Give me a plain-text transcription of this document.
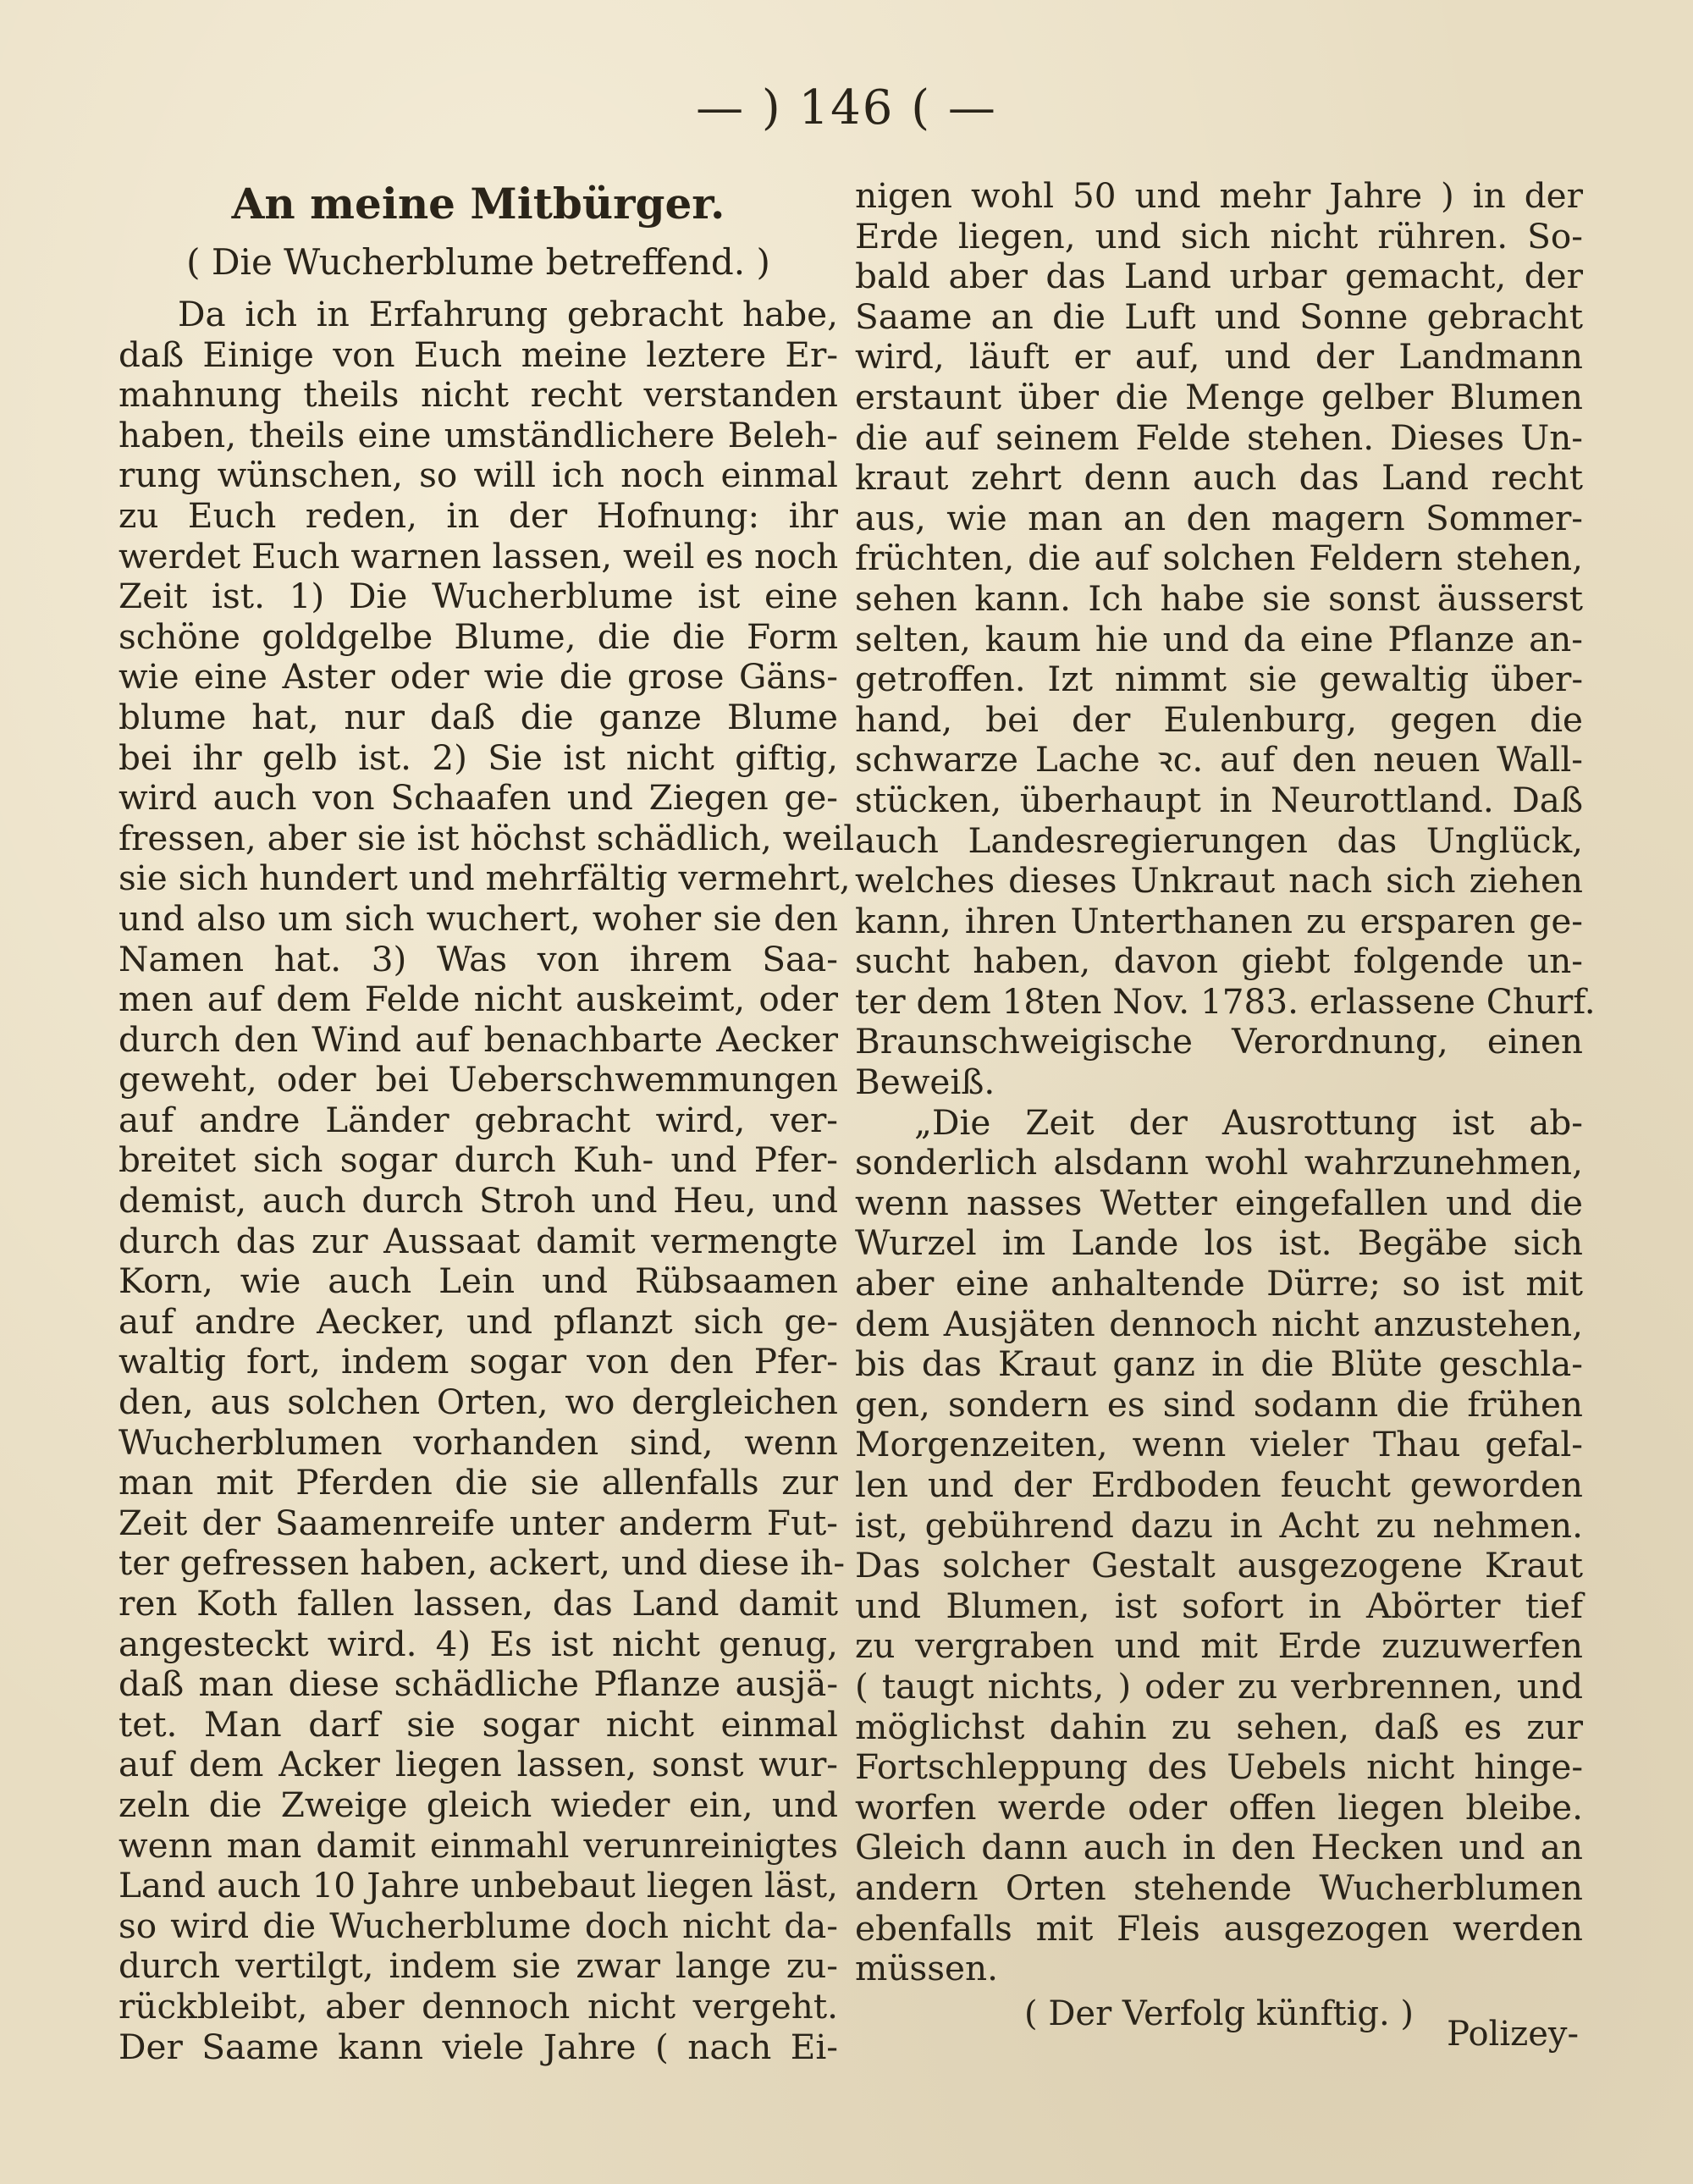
— ) 146 ( —
An meine Mitbürger.
( Die Wucherblume betreffend. )
Da ich in Erfahrung gebracht habe,
daß Einige von Euch meine leztere Er-
mahnung theils nicht recht verstanden
haben, theils eine umständlichere Beleh-
rung wünschen, so will ich noch einmal
zu Euch reden, in der Hofnung: ihr
werdet Euch warnen lassen, weil es noch
Zeit ist. 1) Die Wucherblume ist eine
schöne goldgelbe Blume, die die Form
wie eine Aster oder wie die grose Gäns-
blume hat, nur daß die ganze Blume
bei ihr gelb ist. 2) Sie ist nicht giftig,
wird auch von Schaafen und Ziegen ge-
fressen, aber sie ist höchst schädlich, weil
sie sich hundert und mehrfältig vermehrt,
und also um sich wuchert, woher sie den
Namen hat. 3) Was von ihrem Saa-
men auf dem Felde nicht auskeimt, oder
durch den Wind auf benachbarte Aecker
geweht, oder bei Ueberschwemmungen
auf andre Länder gebracht wird, ver-
breitet sich sogar durch Kuh- und Pfer-
demist, auch durch Stroh und Heu, und
durch das zur Aussaat damit vermengte
Korn, wie auch Lein und Rübsaamen
auf andre Aecker, und pflanzt sich ge-
waltig fort, indem sogar von den Pfer-
den, aus solchen Orten, wo dergleichen
Wucherblumen vorhanden sind, wenn
man mit Pferden die sie allenfalls zur
Zeit der Saamenreife unter anderm Fut-
ter gefressen haben, ackert, und diese ih-
ren Koth fallen lassen, das Land damit
angesteckt wird. 4) Es ist nicht genug,
daß man diese schädliche Pflanze ausjä-
tet. Man darf sie sogar nicht einmal
auf dem Acker liegen lassen, sonst wur-
zeln die Zweige gleich wieder ein, und
wenn man damit einmahl verunreinigtes
Land auch 10 Jahre unbebaut liegen läst,
so wird die Wucherblume doch nicht da-
durch vertilgt, indem sie zwar lange zu-
rückbleibt, aber dennoch nicht vergeht.
Der Saame kann viele Jahre ( nach Ei-
nigen wohl 50 und mehr Jahre ) in der
Erde liegen, und sich nicht rühren. So-
bald aber das Land urbar gemacht, der
Saame an die Luft und Sonne gebracht
wird, läuft er auf, und der Landmann
erstaunt über die Menge gelber Blumen
die auf seinem Felde stehen. Dieses Un-
kraut zehrt denn auch das Land recht
aus, wie man an den magern Sommer-
früchten, die auf solchen Feldern stehen,
sehen kann. Ich habe sie sonst äusserst
selten, kaum hie und da eine Pflanze an-
getroffen. Izt nimmt sie gewaltig über-
hand, bei der Eulenburg, gegen die
schwarze Lache ꝛc. auf den neuen Wall-
stücken, überhaupt in Neurottland. Daß
auch Landesregierungen das Unglück,
welches dieses Unkraut nach sich ziehen
kann, ihren Unterthanen zu ersparen ge-
sucht haben, davon giebt folgende un-
ter dem 18ten Nov. 1783. erlassene Churf.
Braunschweigische Verordnung, einen
Beweiß.
„Die Zeit der Ausrottung ist ab-
sonderlich alsdann wohl wahrzunehmen,
wenn nasses Wetter eingefallen und die
Wurzel im Lande los ist. Begäbe sich
aber eine anhaltende Dürre; so ist mit
dem Ausjäten dennoch nicht anzustehen,
bis das Kraut ganz in die Blüte geschla-
gen, sondern es sind sodann die frühen
Morgenzeiten, wenn vieler Thau gefal-
len und der Erdboden feucht geworden
ist, gebührend dazu in Acht zu nehmen.
Das solcher Gestalt ausgezogene Kraut
und Blumen, ist sofort in Abörter tief
zu vergraben und mit Erde zuzuwerfen
( taugt nichts, ) oder zu verbrennen, und
möglichst dahin zu sehen, daß es zur
Fortschleppung des Uebels nicht hinge-
worfen werde oder offen liegen bleibe.
Gleich dann auch in den Hecken und an
andern Orten stehende Wucherblumen
ebenfalls mit Fleis ausgezogen werden
müssen.
( Der Verfolg künftig. )
Polizey-
